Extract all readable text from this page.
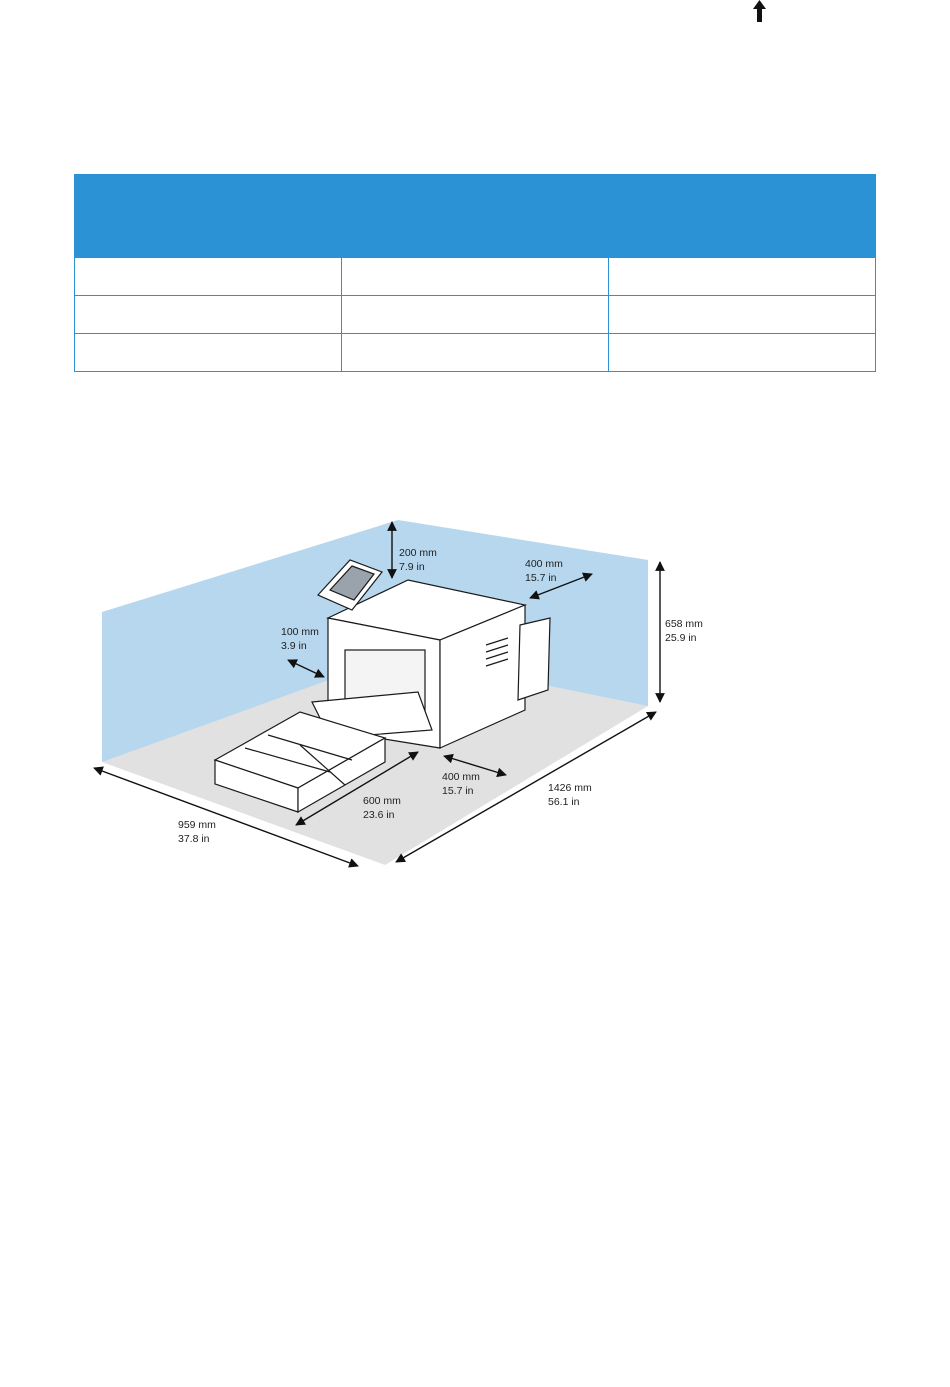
200 mm
7.9 in	400 mm
15.7 in
658 mm
25.9 in
100 mm
3.9 in
400 mm
15.7 in
600 mm
23.6 in
1426 mm
56.1 in
959 mm
37.8 in
